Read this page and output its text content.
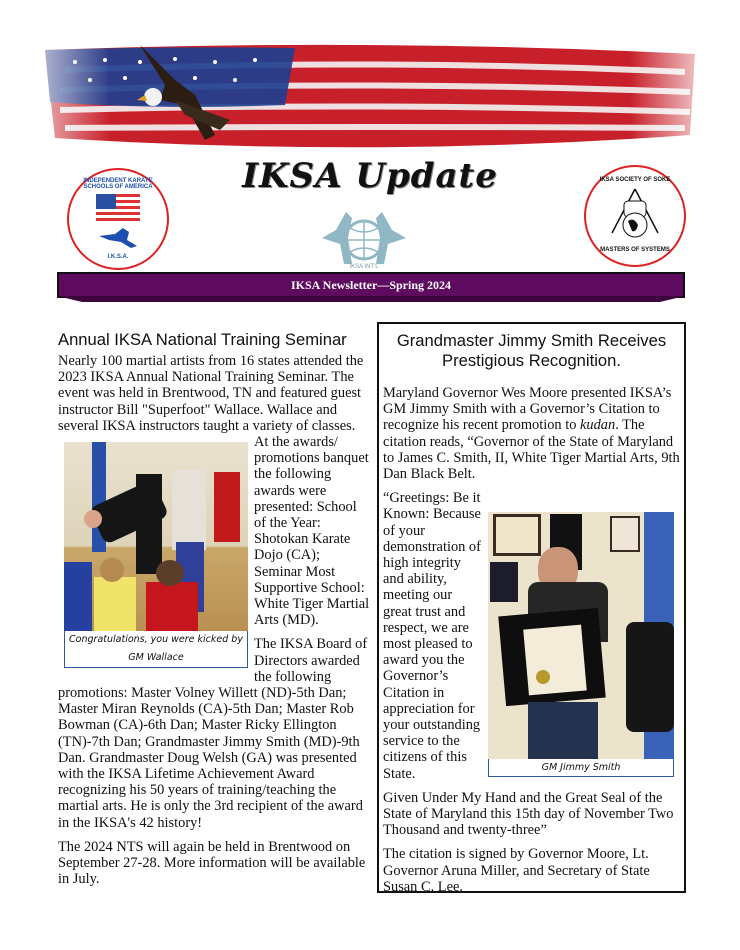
IKSA Update
INDEPENDENT KARATE SCHOOLS OF AMERICA
I.K.S.A.
IKSA INT'L
IKSA SOCIETY OF SOKE
MASTERS OF SYSTEMS
IKSA Newsletter—Spring 2024
Annual IKSA National Training Seminar

Nearly 100 martial artists from 16 states attended the 2023 IKSA Annual National Training Seminar. The event was held in Brentwood, TN and featured guest instructor Bill "Superfoot" Wallace. Wallace and several IKSA instructors taught a variety of classes.

Congratulations, you were kicked by GM Wallace

At the awards/ promotions banquet the following awards were presented: School of the Year: Shotokan Karate Dojo (CA); Seminar Most Supportive School: White Tiger Martial Arts (MD).

The IKSA Board of Directors awarded the following promotions: Master Volney Willett (ND)-5th Dan; Master Miran Reynolds (CA)-5th Dan; Master Rob Bowman (CA)-6th Dan; Master Ricky Ellington (TN)-7th Dan; Grandmaster Jimmy Smith (MD)-9th Dan. Grandmaster Doug Welsh (GA) was presented with the IKSA Lifetime Achievement Award recognizing his 50 years of training/teaching the martial arts. He is only the 3rd recipient of the award in the IKSA's 42 history!

The 2024 NTS will again be held in Brentwood on September 27-28. More information will be available in July.

Grandmaster Jimmy Smith Receives Prestigious Recognition.

Maryland Governor Wes Moore presented IKSA’s GM Jimmy Smith with a Governor’s Citation to recognize his recent promotion to kudan. The citation reads, “Governor of the State of Maryland to James C. Smith, II, White Tiger Martial Arts, 9th Dan Black Belt.

GM Jimmy Smith

“Greetings: Be it Known: Because of your demonstration of high integrity and ability, meeting our great trust and respect, we are most pleased to award you the Governor’s Citation in appreciation for your outstanding service to the citizens of this State.

Given Under My Hand and the Great Seal of the State of Maryland this 15th day of November Two Thousand and twenty-three”

The citation is signed by Governor Moore, Lt. Governor Aruna Miller, and Secretary of State Susan C. Lee.
